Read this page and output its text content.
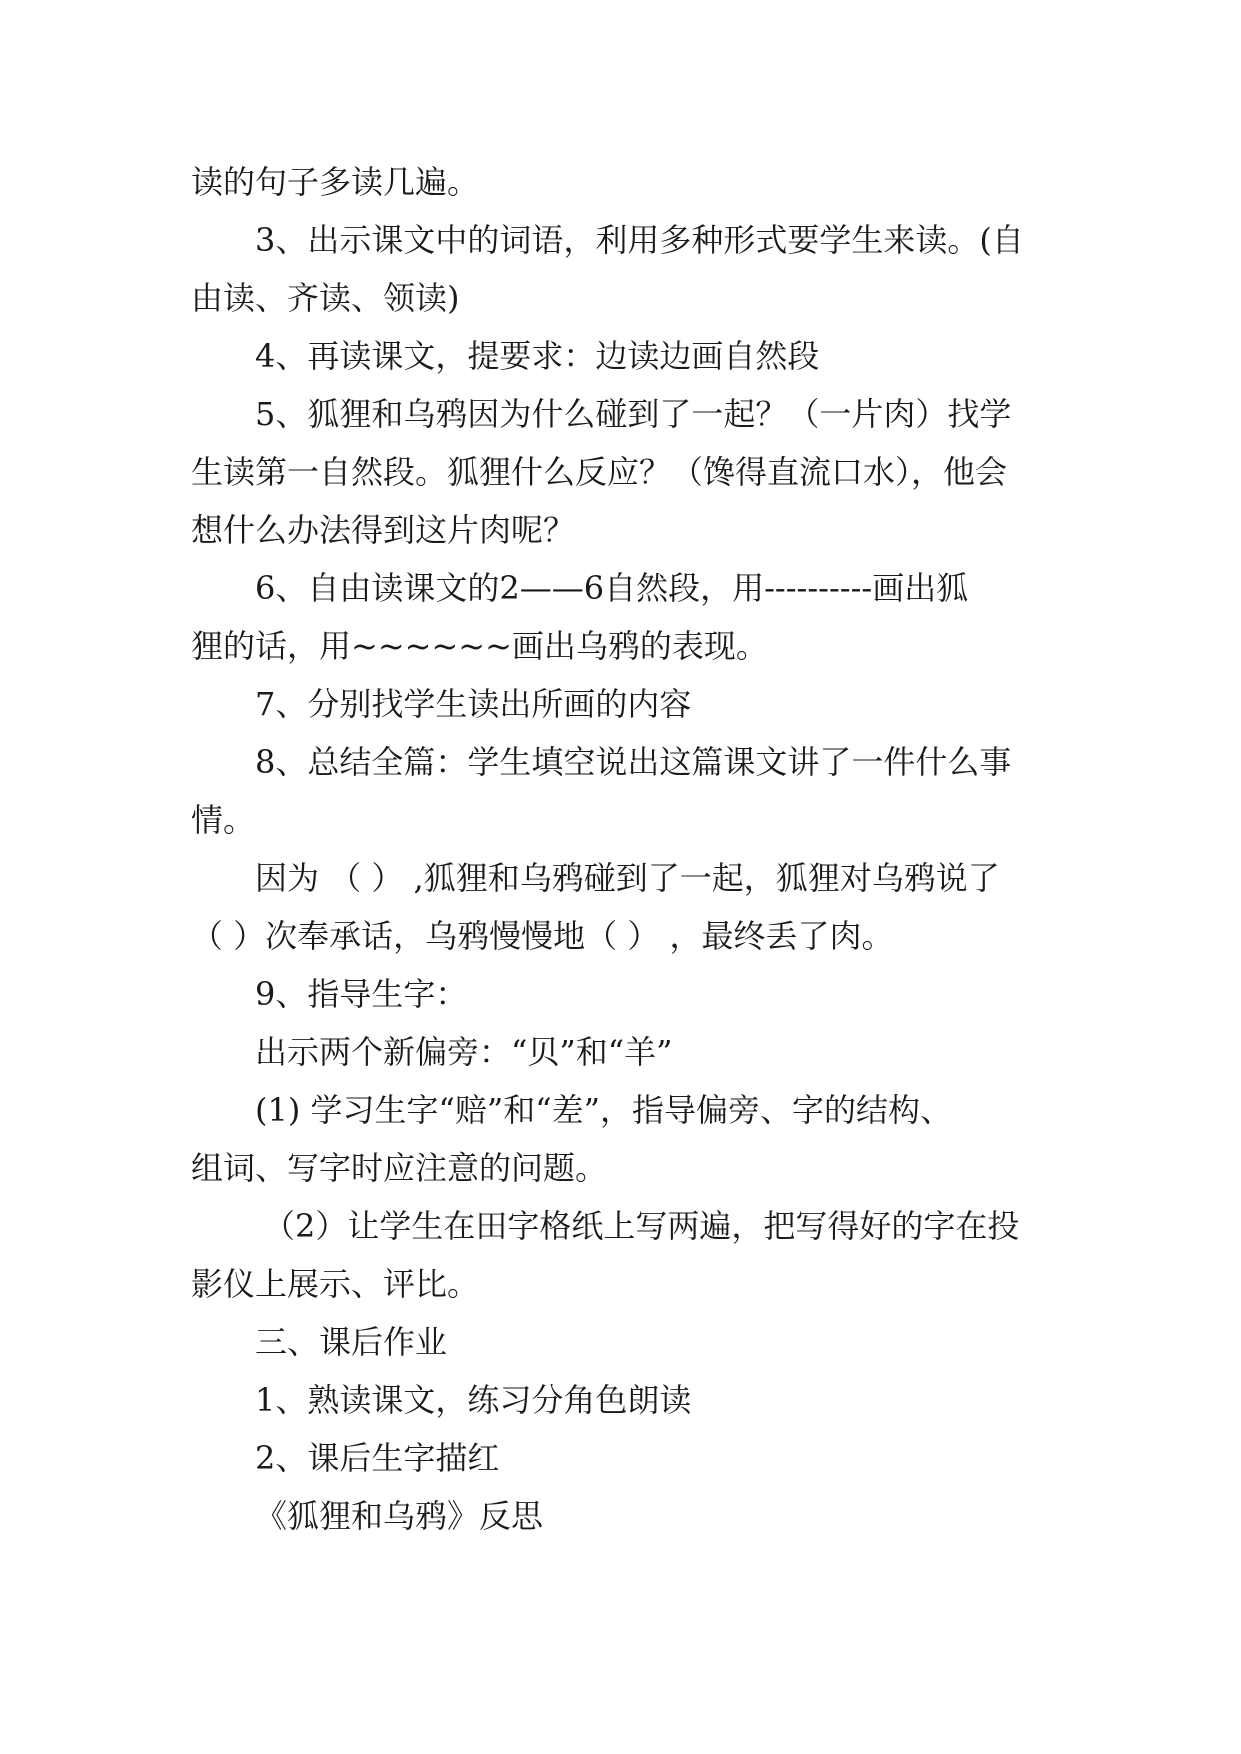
读的句子多读几遍。
3、出示课文中的词语，利用多种形式要学生来读。(自
由读、齐读、领读)
4、再读课文，提要求：边读边画自然段
5、狐狸和乌鸦因为什么碰到了一起？（一片肉）找学
生读第一自然段。狐狸什么反应？（馋得直流口水），他会
想什么办法得到这片肉呢？
6、自由读课文的2——6自然段，用----------画出狐
狸的话，用~~~~~~画出乌鸦的表现。
7、分别找学生读出所画的内容
8、总结全篇：学生填空说出这篇课文讲了一件什么事
情。
因为 （ ） ,狐狸和乌鸦碰到了一起，狐狸对乌鸦说了
（ ）次奉承话，乌鸦慢慢地（ ） ，最终丢了肉。
9、指导生字：
出示两个新偏旁：“贝”和“羊”
(1) 学习生字“赔”和“差”，指导偏旁、字的结构、
组词、写字时应注意的问题。
（2）让学生在田字格纸上写两遍，把写得好的字在投
影仪上展示、评比。
三、课后作业
1、熟读课文，练习分角色朗读
2、课后生字描红
《狐狸和乌鸦》反思
